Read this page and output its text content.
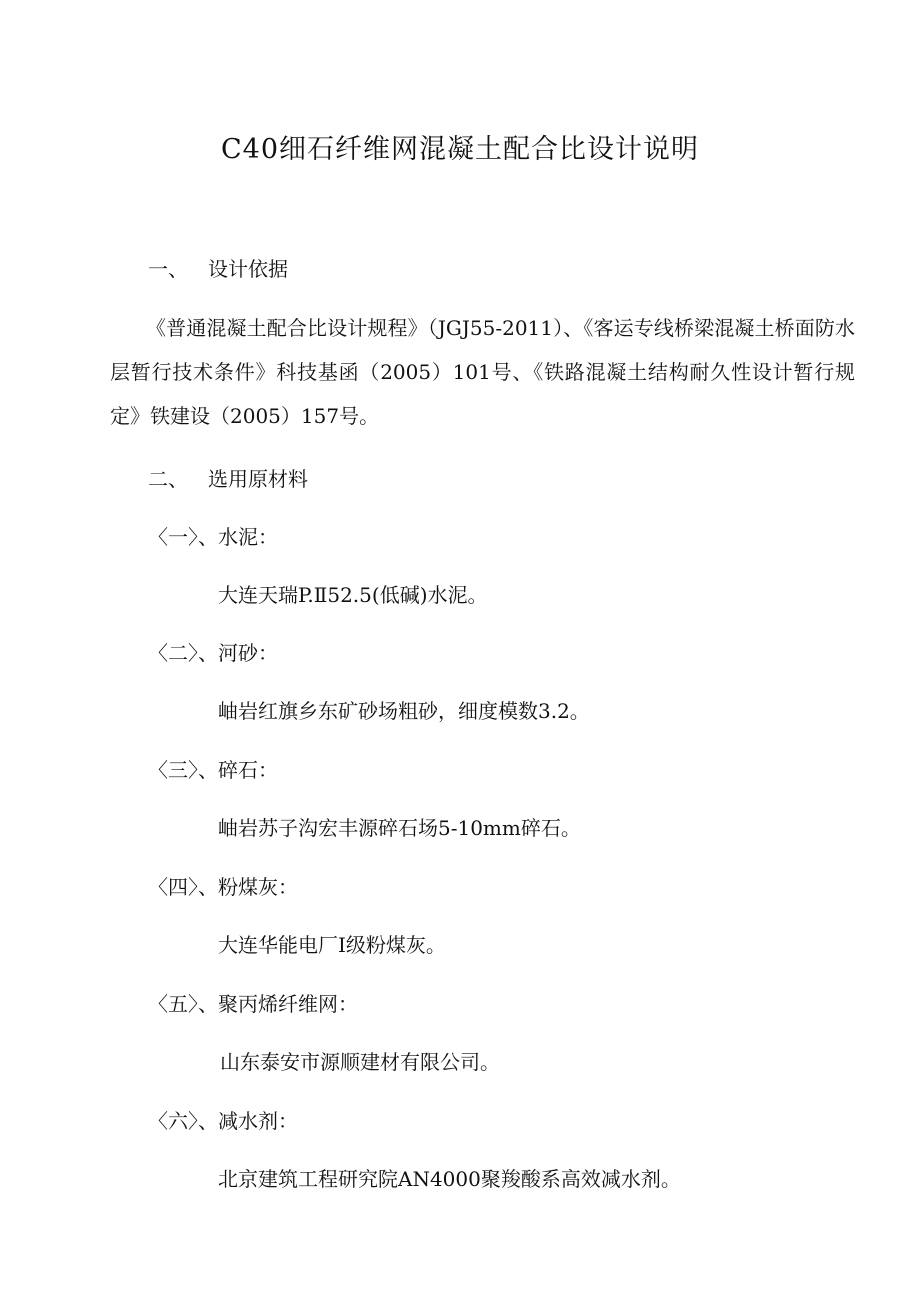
C40细石纤维网混凝土配合比设计说明
一、 设计依据
《普通混凝土配合比设计规程》（JGJ55-2011）、《客运专线桥梁混凝土桥面防水层暂行技术条件》科技基函（2005）101号、《铁路混凝土结构耐久性设计暂行规定》铁建设（2005）157号。
二、 选用原材料
〈一〉、水泥：
大连天瑞P.Ⅱ52.5(低碱)水泥。
〈二〉、河砂：
岫岩红旗乡东矿砂场粗砂，细度模数3.2。
〈三〉、碎石：
岫岩苏子沟宏丰源碎石场5-10mm碎石。
〈四〉、粉煤灰：
大连华能电厂Ⅰ级粉煤灰。
〈五〉、聚丙烯纤维网：
山东泰安市源顺建材有限公司。
〈六〉、减水剂：
北京建筑工程研究院AN4000聚羧酸系高效减水剂。
